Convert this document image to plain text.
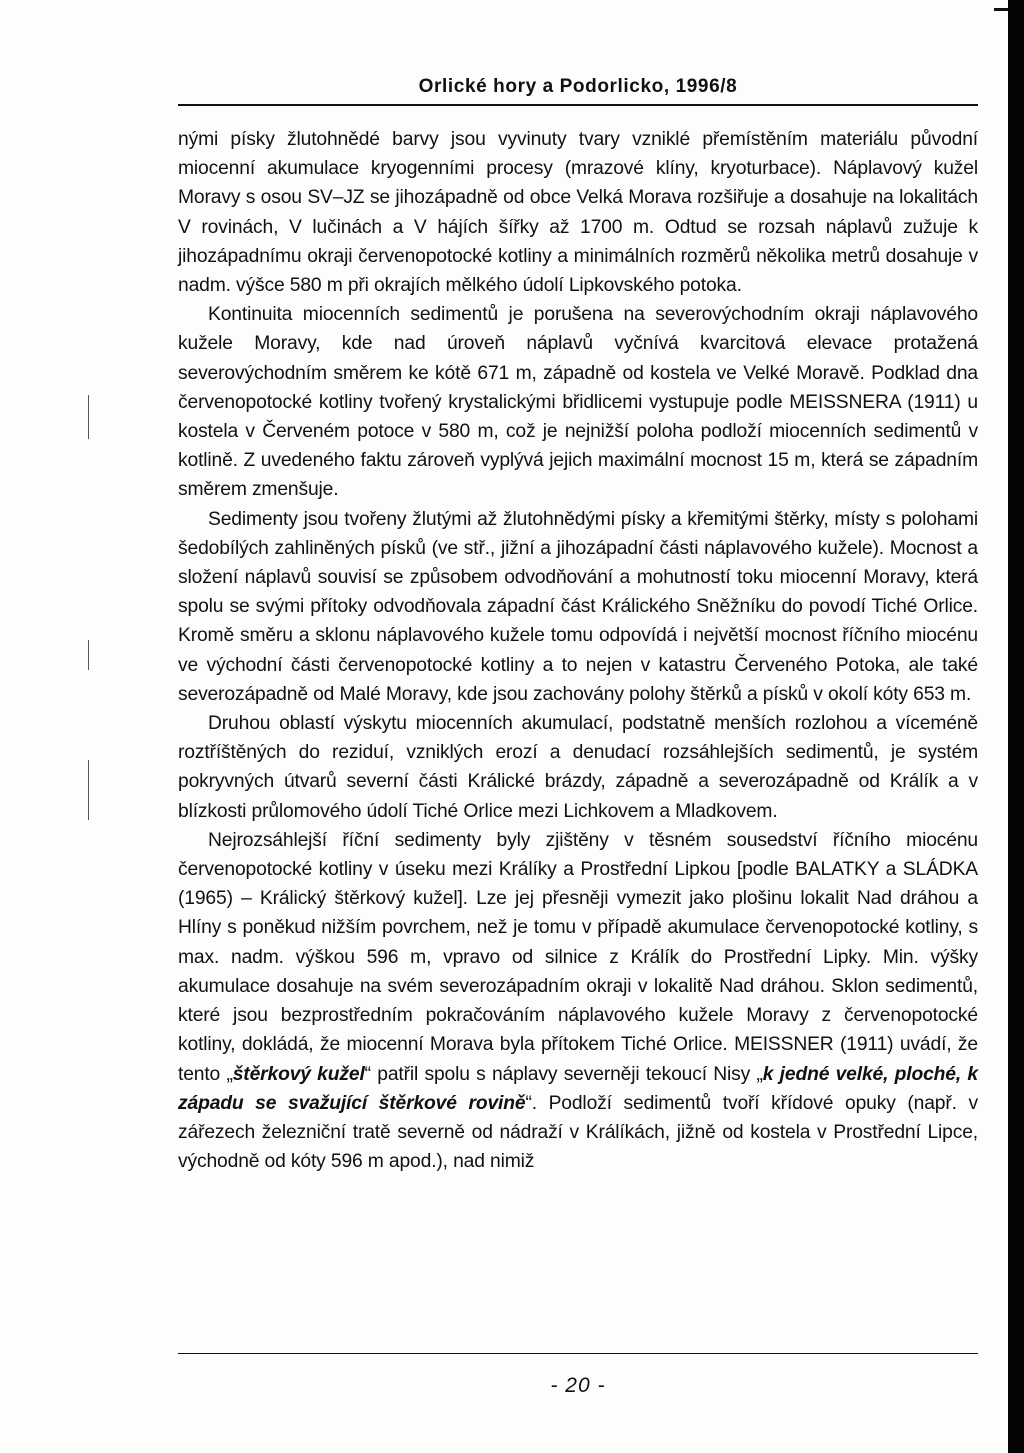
Orlické hory a Podorlicko, 1996/8

nými písky žlutohnědé barvy jsou vyvinuty tvary vzniklé přemístěním materiálu původní miocenní akumulace kryogenními procesy (mrazové klíny, kryoturbace). Náplavový kužel Moravy s osou SV–JZ se jihozápadně od obce Velká Morava rozšiřuje a dosahuje na lokalitách V rovinách, V lučinách a V hájích šířky až 1700 m. Odtud se rozsah náplavů zužuje k jihozápadnímu okraji červenopotocké kotliny a minimálních rozměrů několika metrů dosahuje v nadm. výšce 580 m při okrajích mělkého údolí Lipkovského potoka.

Kontinuita miocenních sedimentů je porušena na severovýchodním okraji náplavového kužele Moravy, kde nad úroveň náplavů vyčnívá kvarcitová elevace protažená severovýchodním směrem ke kótě 671 m, západně od kostela ve Velké Moravě. Podklad dna červenopotocké kotliny tvořený krystalickými břidlicemi vystupuje podle MEISSNERA (1911) u kostela v Červeném potoce v 580 m, což je nejnižší poloha podloží miocenních sedimentů v kotlině. Z uvedeného faktu zároveň vyplývá jejich maximální mocnost 15 m, která se západním směrem zmenšuje.

Sedimenty jsou tvořeny žlutými až žlutohnědými písky a křemitými štěrky, místy s polohami šedobílých zahliněných písků (ve stř., jižní a jihozápadní části náplavového kužele). Mocnost a složení náplavů souvisí se způsobem odvodňování a mohutností toku miocenní Moravy, která spolu se svými přítoky odvodňovala západní část Králického Sněžníku do povodí Tiché Orlice. Kromě směru a sklonu náplavového kužele tomu odpovídá i největší mocnost říčního miocénu ve východní části červenopotocké kotliny a to nejen v katastru Červeného Potoka, ale také severozápadně od Malé Moravy, kde jsou zachovány polohy štěrků a písků v okolí kóty 653 m.

Druhou oblastí výskytu miocenních akumulací, podstatně menších rozlohou a víceméně roztříštěných do reziduí, vzniklých erozí a denudací rozsáhlejších sedimentů, je systém pokryvných útvarů severní části Králické brázdy, západně a severozápadně od Králík a v blízkosti průlomového údolí Tiché Orlice mezi Lichkovem a Mladkovem.

Nejrozsáhlejší říční sedimenty byly zjištěny v těsném sousedství říčního miocénu červenopotocké kotliny v úseku mezi Králíky a Prostřední Lipkou [podle BALATKY a SLÁDKA (1965) – Králický štěrkový kužel]. Lze jej přesněji vymezit jako plošinu lokalit Nad dráhou a Hlíny s poněkud nižším povrchem, než je tomu v případě akumulace červenopotocké kotliny, s max. nadm. výškou 596 m, vpravo od silnice z Králík do Prostřední Lipky. Min. výšky akumulace dosahuje na svém severozápadním okraji v lokalitě Nad dráhou. Sklon sedimentů, které jsou bezprostředním pokračováním náplavového kužele Moravy z červenopotocké kotliny, dokládá, že miocenní Morava byla přítokem Tiché Orlice. MEISSNER (1911) uvádí, že tento „štěrkový kužel“ patřil spolu s náplavy severněji tekoucí Nisy „k jedné velké, ploché, k západu se svažující štěrkové rovině“. Podloží sedimentů tvoří křídové opuky (např. v zářezech železniční tratě severně od nádraží v Králíkách, jižně od kostela v Prostřední Lipce, východně od kóty 596 m apod.), nad nimiž

- 20 -
